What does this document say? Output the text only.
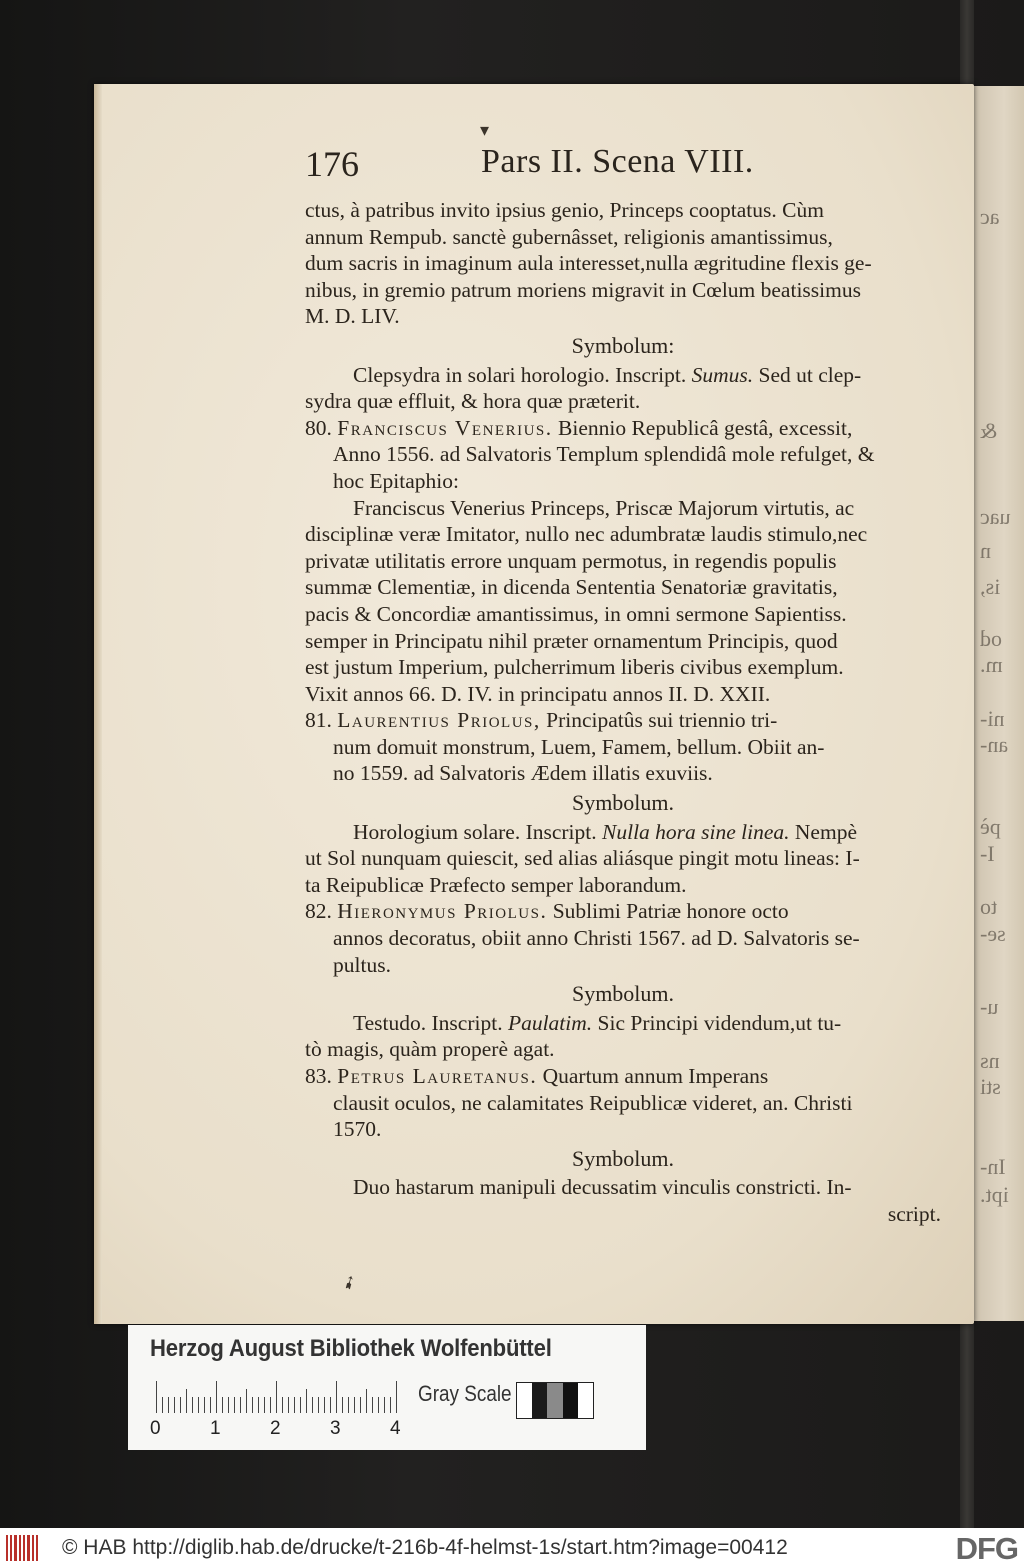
ac
&
uac
n
is,
od
m.
ni-
an-
pè
I-
to
se-
u-
ns
sti
In-
ipt.
▾
➹
176	Pars II. Scena VIII.

ctus, à patribus invito ipsius genio, Princeps cooptatus. Cùm

annum Rempub. sanctè gubernâsset, religionis amantissimus,

dum sacris in imaginum aula interesset,nulla ægritudine flexis ge-

nibus, in gremio patrum moriens migravit in Cœlum beatissimus

M. D. LIV.

Symbolum:

Clepsydra in solari horologio. Inscript. Sumus. Sed ut clep-

sydra quæ effluit, & hora quæ præterit.

80. Franciscus Venerius. Biennio Republicâ gestâ, excessit,

Anno 1556. ad Salvatoris Templum splendidâ mole refulget, &

hoc Epitaphio:

Franciscus Venerius Princeps, Priscæ Majorum virtutis, ac

disciplinæ veræ Imitator, nullo nec adumbratæ laudis stimulo,nec

privatæ utilitatis errore unquam permotus, in regendis populis

summæ Clementiæ, in dicenda Sententia Senatoriæ gravitatis,

pacis & Concordiæ amantissimus, in omni sermone Sapientiss.

semper in Principatu nihil præter ornamentum Principis, quod

est justum Imperium, pulcherrimum liberis civibus exemplum.

Vixit annos 66. D. IV. in principatu annos II. D. XXII.

81. Laurentius Priolus, Principatûs sui triennio tri-

num domuit monstrum, Luem, Famem, bellum. Obiit an-

no 1559. ad Salvatoris Ædem illatis exuviis.

Symbolum.

Horologium solare. Inscript. Nulla hora sine linea. Nempè

ut Sol nunquam quiescit, sed alias aliásque pingit motu lineas: I-

ta Reipublicæ Præfecto semper laborandum.

82. Hieronymus Priolus. Sublimi Patriæ honore octo

annos decoratus, obiit anno Christi 1567. ad D. Salvatoris se-

pultus.

Symbolum.

Testudo. Inscript. Paulatim. Sic Principi videndum,ut tu-

tò magis, quàm properè agat.

83. Petrus Lauretanus. Quartum annum Imperans

clausit oculos, ne calamitates Reipublicæ videret, an. Christi

1570.

Symbolum.

Duo hastarum manipuli decussatim vinculis constricti. In-

script.

Herzog August Bibliothek Wolfenbüttel
0	1	2	3	4
Gray Scale
© HAB http://diglib.hab.de/drucke/t-216b-4f-helmst-1s/start.htm?image=00412	DFG
